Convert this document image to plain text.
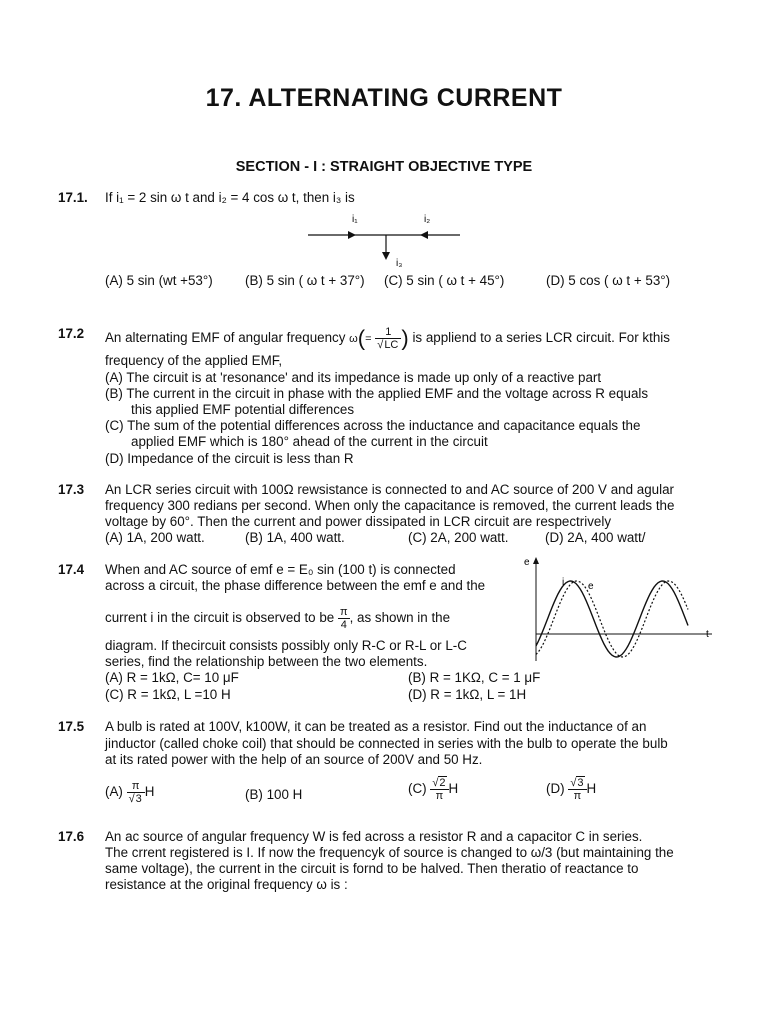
17. ALTERNATING CURRENT
SECTION - I : STRAIGHT OBJECTIVE TYPE
17.1. If i₁ = 2 sin ω t and i₂ = 4 cos ω t, then i₃ is
i₁	i₂
i₃
(A) 5 sin (wt +53°) (B) 5 sin ( ω t + 37°) (C) 5 sin ( ω t + 45°)	(D) 5 cos ( ω t + 53°)
17.2 An alternating EMF of angular frequency $\omega(= \frac{1}{√LC}$ ) is appliend to a series LCR circuit. For kthis
frequency of the applied EMF,
(A) The circuit is at 'resonance' and its impedance is made up only of a reactive part
(B) The current in the circuit in phase with the applied EMF and the voltage across R equals
this applied EMF potential differences
(C) The sum of the potential differences across the inductance and capacitance equals the
applied EMF which is 180° ahead of the current in the circuit
(D) Impedance of the circuit is less than R
17.3 An LCR series circuit with 100Ω rewsistance is connected to and AC source of 200 V and agular
frequency 300 redians per second. When only the capacitance is removed, the current leads the
voltage by 60°. Then the current and power dissipated in LCR circuit are respectrively
(A) 1A, 200 watt.	(B) 1A, 400 watt.	(C) 2A, 200 watt.	(D) 2A, 400 watt/
17.4 When and AC source of emf e = E₀ sin (100 t) is connected
across a circuit, the phase difference between the emf e and the
current i in the circuit is observed to be $\frac{\pi}{4}$ , as shown in the
diagram. If thecircuit consists possibly only R-C or R-L or L-C
series, find the relationship between the two elements.
(A) R = 1kΩ, C= 10 μF	(B) R = 1KΩ, C = 1 μF
(C) R = 1kΩ, L =10 H	(D) R = 1kΩ, L = 1H
e
t
i e
17.5 A bulb is rated at 100V, k100W, it can be treated as a resistor. Find out the inductance of an
jinductor (called choke coil) that should be connected in series with the bulb to operate the bulb
at its rated power with the help of an source of 200V and 50 Hz.
$(A) \frac{\pi}{√3}$ H	(B) 100 H	$(C) \frac{√2}{\pi}$ H	$(D) \frac{√3}{\pi}$ H
17.6 An ac source of angular frequency W is fed across a resistor R and a capacitor C in series.
The crrent registered is I. If now the frequencyk of source is changed to ω/3 (but maintaining the
same voltage), the current in the circuit is fornd to be halved. Then theratio of reactance to
resistance at the original frequency ω is :
